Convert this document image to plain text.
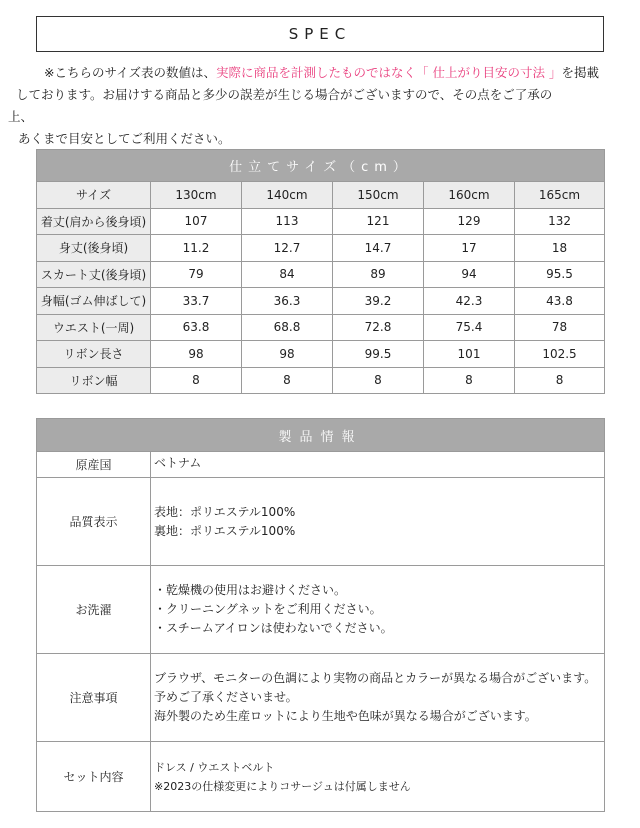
SPEC
※こちらのサイズ表の数値は、実際に商品を計測したものではなく「 仕上がり目安の寸法 」を掲載
しております。お届けする商品と多少の誤差が生じる場合がございますので、その点をご了承の
上、
あくまで目安としてご利用ください。
仕立てサイズ（cm）					
サイズ	130cm	140cm	150cm	160cm	165cm
着丈(肩から後身頃)	107	113	121	129	132
身丈(後身頃)	11.2	12.7	14.7	17	18
スカート丈(後身頃)	79	84	89	94	95.5
身幅(ゴム伸ばして)	33.7	36.3	39.2	42.3	43.8
ウエスト(一周)	63.8	68.8	72.8	75.4	78
リボン長さ	98	98	99.5	101	102.5
リボン幅	8	8	8	8	8
製品情報	
原産国	ベトナム

品質表示	表地：ポリエステル100%
裏地：ポリエステル100%

お洗濯	・乾燥機の使用はお避けください。
・クリーニングネットをご利用ください。
・スチームアイロンは使わないでください。

注意事項	ブラウザ、モニターの色調により実物の商品とカラーが異なる場合がございます。
予めご了承くださいませ。
海外製のため生産ロットにより生地や色味が異なる場合がございます。

セット内容	ドレス / ウエストベルト
※2023の仕様変更によりコサージュは付属しません
